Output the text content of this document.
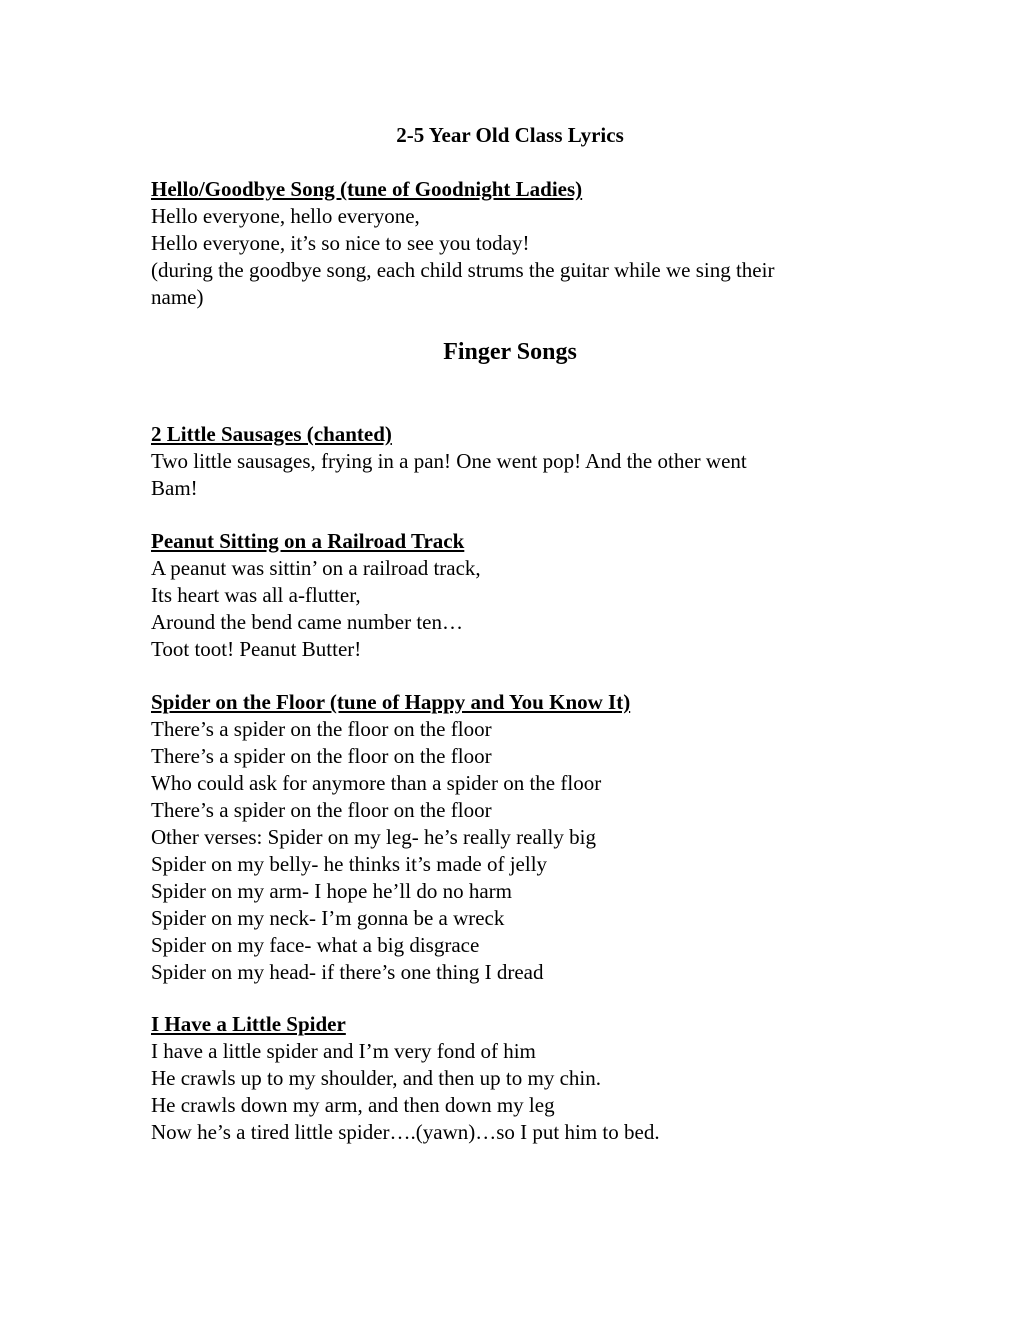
2-5 Year Old Class Lyrics

Hello/Goodbye Song (tune of Goodnight Ladies)

Hello everyone, hello everyone,

Hello everyone, it’s so nice to see you today!

(during the goodbye song, each child strums the guitar while we sing their

name)

Finger Songs

2 Little Sausages (chanted)

Two little sausages, frying in a pan! One went pop! And the other went

Bam!

Peanut Sitting on a Railroad Track

A peanut was sittin’ on a railroad track,

Its heart was all a-flutter,

Around the bend came number ten…

Toot toot! Peanut Butter!

Spider on the Floor (tune of Happy and You Know It)

There’s a spider on the floor on the floor

There’s a spider on the floor on the floor

Who could ask for anymore than a spider on the floor

There’s a spider on the floor on the floor

Other verses: Spider on my leg- he’s really really big

Spider on my belly- he thinks it’s made of jelly

Spider on my arm- I hope he’ll do no harm

Spider on my neck- I’m gonna be a wreck

Spider on my face- what a big disgrace

Spider on my head- if there’s one thing I dread

I Have a Little Spider

I have a little spider and I’m very fond of him

He crawls up to my shoulder, and then up to my chin.

He crawls down my arm, and then down my leg

Now he’s a tired little spider….(yawn)…so I put him to bed.
